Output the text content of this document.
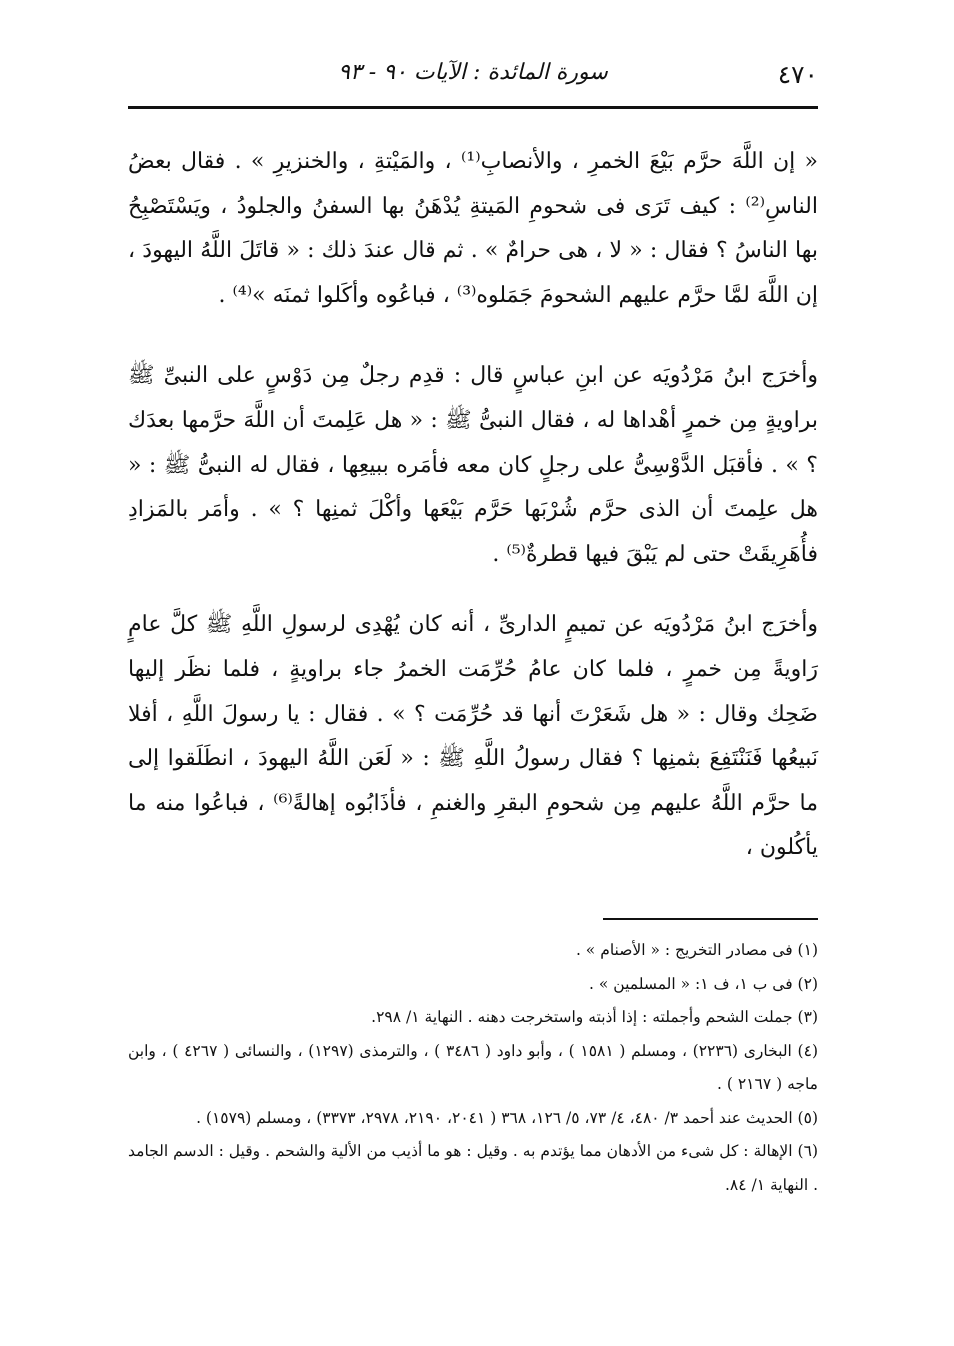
٤٧٠
سورة المائدة : الآيات ٩٠ - ٩٣

« إن اللَّهَ حرَّم بَيْعَ الخمرِ ، والأنصابِ⁽¹⁾ ، والمَيْتةِ ، والخنزيرِ » . فقال بعضُ الناسِ⁽²⁾ : كيف تَرَى فى شحومِ المَيتةِ يُدْهَنُ بها السفنُ والجلودُ ، ويَسْتَصْبِحُ بها الناسُ ؟ فقال : « لا ، هى حرامٌ » . ثم قال عندَ ذلك : « قاتَلَ اللَّهُ اليهودَ ، إن اللَّهَ لمَّا حرَّم عليهم الشحومَ جَمَلوه⁽³⁾ ، فباعُوه وأكَلوا ثمنَه »⁽⁴⁾ .

وأخرَج ابنُ مَرْدُويَه عن ابنِ عباسٍ قال : قدِم رجلٌ مِن دَوْسٍ على النبىِّ ﷺ براويةٍ مِن خمرٍ أهْداها له ، فقال النبىُّ ﷺ : « هل عَلِمتَ أن اللَّهَ حرَّمها بعدَك ؟ » . فأقبَل الدَّوْسِىُّ على رجلٍ كان معه فأمَره ببيعِها ، فقال له النبىُّ ﷺ : « هل علِمتَ أن الذى حرَّم شُرْبَها حَرَّم بَيْعَها وأكْلَ ثمنِها ؟ » . وأمَر بالمَزادِ فأُهَرِيقَتْ حتى لم يَبْقَ فيها قطرةٌ⁽⁵⁾ .

وأخرَج ابنُ مَرْدُويَه عن تميمٍ الدارىِّ ، أنه كان يُهْدِى لرسولِ اللَّهِ ﷺ كلَّ عامٍ رَاويةً مِن خمرٍ ، فلما كان عامُ حُرِّمَت الخمرُ جاء براويةٍ ، فلما نظَر إليها ضَحِك وقال : « هل شَعَرْتَ أنها قد حُرِّمَت ؟ » . فقال : يا رسولَ اللَّهِ ، أفلا نَبيعُها فَنَنْتَفِعَ بثمنِها ؟ فقال رسولُ اللَّهِ ﷺ : « لَعَن اللَّهُ اليهودَ ، انطَلَقوا إلى ما حرَّم اللَّهُ عليهم مِن شحومِ البقرِ والغنمِ ، فأذَابُوه إهالةً⁽⁶⁾ ، فباعُوا منه ما يأكُلون ،

(١) فى مصادر التخريج : « الأصنام » .

(٢) فى ب ١، ف ١: « المسلمين » .

(٣) جملت الشحم وأجملته : إذا أذبته واستخرجت دهنه . النهاية ١/ ٢٩٨.

(٤) البخارى (٢٢٣٦) ، ومسلم ( ١٥٨١ ) ، وأبو داود ( ٣٤٨٦ ) ، والترمذى (١٢٩٧) ، والنسائى ( ٤٢٦٧ ) ، وابن ماجه ( ٢١٦٧ ) .

(٥) الحديث عند أحمد ٣/ ٤٨٠، ٤/ ٧٣، ٥/ ١٢٦، ٣٦٨ ( ٢٠٤١، ٢١٩٠، ٢٩٧٨، ٣٣٧٣) ، ومسلم (١٥٧٩) .

(٦) الإهالة : كل شىء من الأدهان مما يؤتدم به . وقيل : هو ما أذيب من الألية والشحم . وقيل : الدسم الجامد . النهاية ١/ ٨٤.
